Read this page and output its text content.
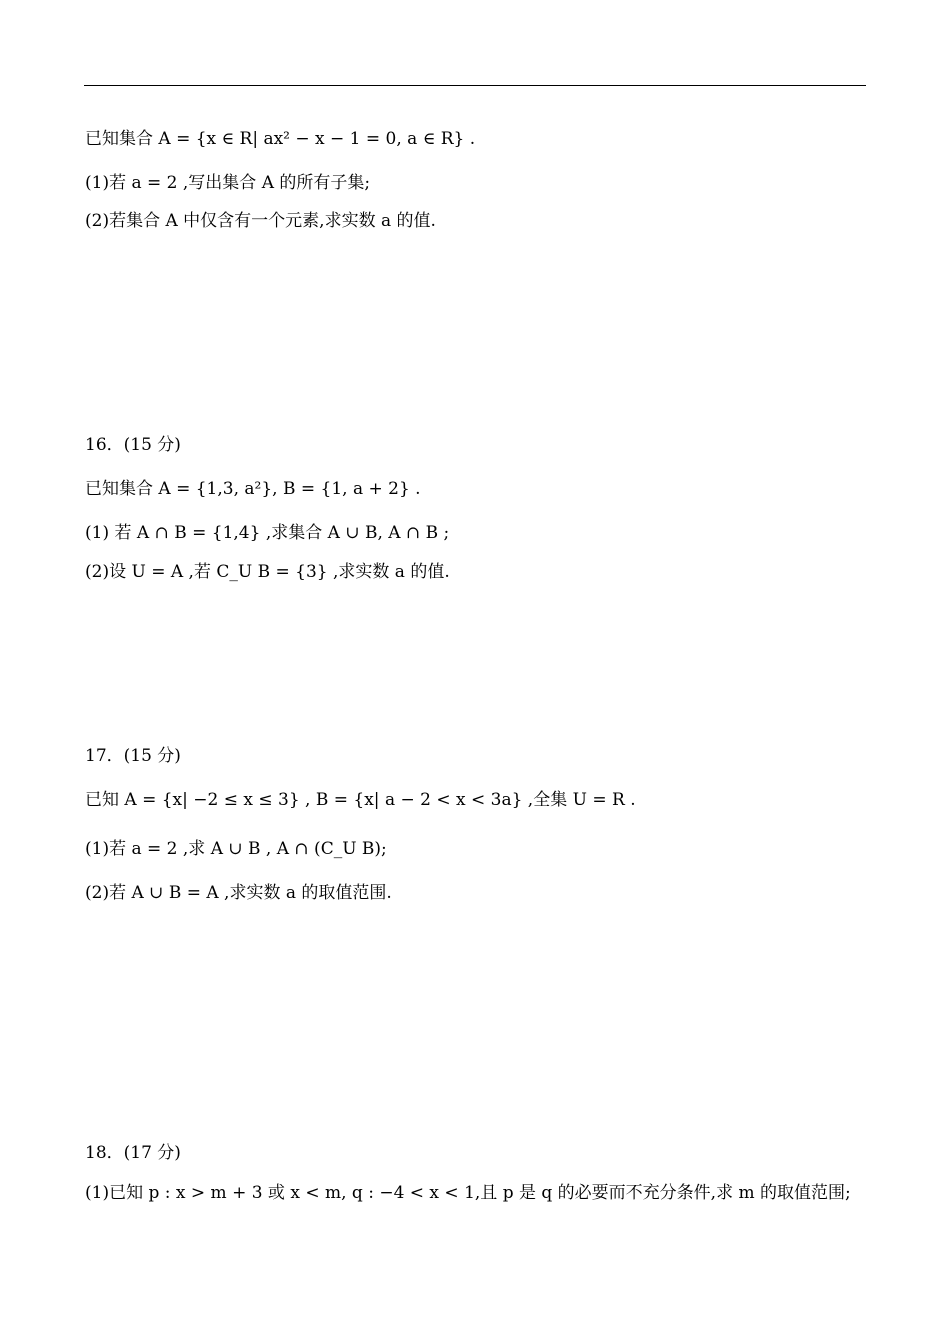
已知集合 A = {x ∈ R| ax² − x − 1 = 0, a ∈ R} .
(1)若 a = 2 ,写出集合 A 的所有子集;
(2)若集合 A 中仅含有一个元素,求实数 a 的值.
16．(15 分)
已知集合 A = {1,3, a²}, B = {1, a + 2} .
(1) 若 A ∩ B = {1,4} ,求集合 A ∪ B, A ∩ B ;
(2)设 U = A ,若 C_U B = {3} ,求实数 a 的值.
17．(15 分)
已知 A = {x| −2 ≤ x ≤ 3} , B = {x| a − 2 < x < 3a} ,全集 U = R .
(1)若 a = 2 ,求 A ∪ B , A ∩ (C_U B);
(2)若 A ∪ B = A ,求实数 a 的取值范围.
18．(17 分)
(1)已知 p : x > m + 3 或 x < m, q : −4 < x < 1,且 p 是 q 的必要而不充分条件,求 m 的取值范围;
